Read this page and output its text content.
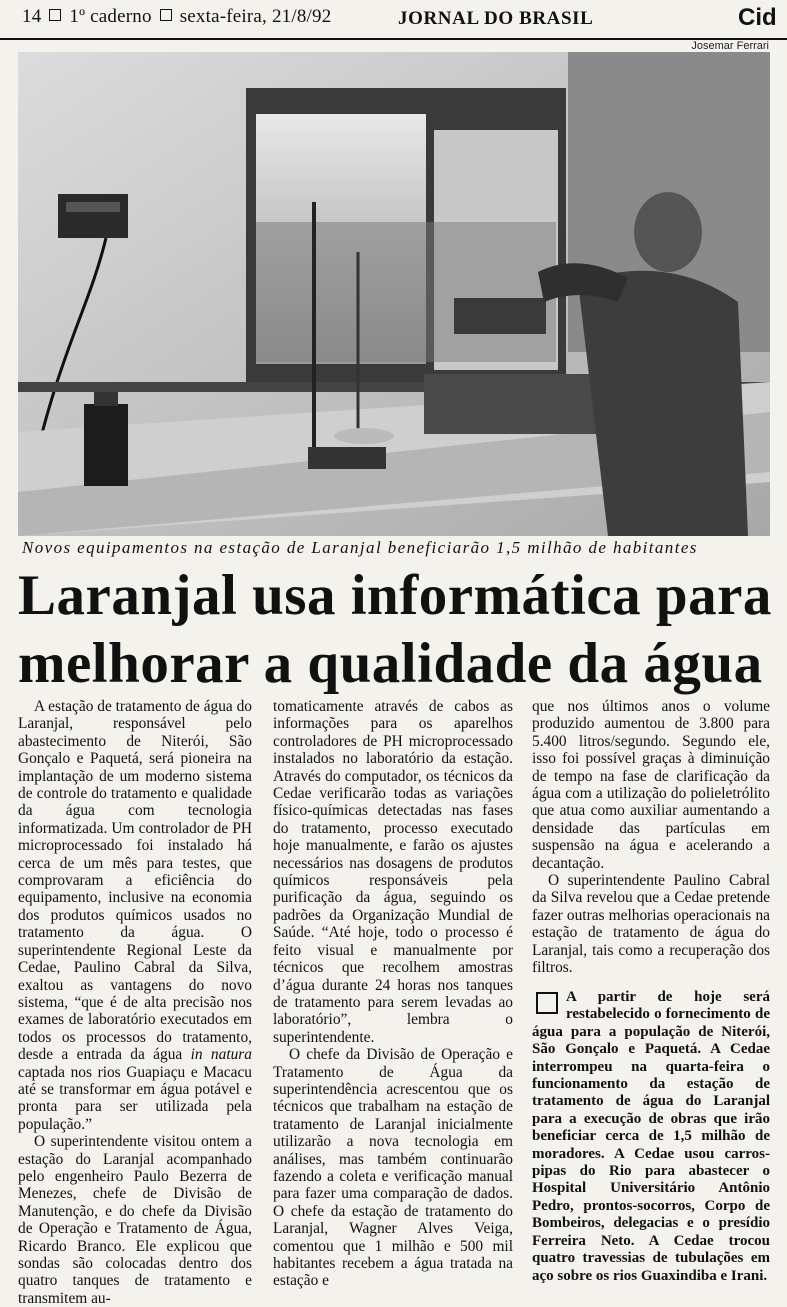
14 1º caderno sexta-feira, 21/8/92	JORNAL DO BRASIL	Cid
Josemar Ferrari
Novos equipamentos na estação de Laranjal beneficiarão 1,5 milhão de habitantes
Laranjal usa informática para
melhorar a qualidade da água

A estação de tratamento de água do Laranjal, responsável pelo abastecimento de Niterói, São Gonçalo e Paquetá, será pioneira na implantação de um moderno sistema de controle do tratamento e qualidade da água com tecnologia informatizada. Um controlador de PH microprocessado foi instalado há cerca de um mês para testes, que comprovaram a eficiência do equipamento, inclusive na economia dos produtos químicos usados no tratamento da água. O superintendente Regional Leste da Cedae, Paulino Cabral da Silva, exaltou as vantagens do novo sistema, “que é de alta precisão nos exames de laboratório executados em todos os processos do tratamento, desde a entrada da água in natura captada nos rios Guapiaçu e Macacu até se transformar em água potável e pronta para ser utilizada pela população.”

O superintendente visitou ontem a estação do Laranjal acompanhado pelo engenheiro Paulo Bezerra de Menezes, chefe de Divisão de Manutenção, e do chefe da Divisão de Operação e Tratamento de Água, Ricardo Branco. Ele explicou que sondas são colocadas dentro dos quatro tanques de tratamento e transmitem au-

tomaticamente através de cabos as informações para os aparelhos controladores de PH microprocessado instalados no laboratório da estação. Através do computador, os técnicos da Cedae verificarão todas as variações físico-químicas detectadas nas fases do tratamento, processo executado hoje manualmente, e farão os ajustes necessários nas dosagens de produtos químicos responsáveis pela purificação da água, seguindo os padrões da Organização Mundial de Saúde. “Até hoje, todo o processo é feito visual e manualmente por técnicos que recolhem amostras d’água durante 24 horas nos tanques de tratamento para serem levadas ao laboratório”, lembra o superintendente.

O chefe da Divisão de Operação e Tratamento de Água da superintendência acrescentou que os técnicos que trabalham na estação de tratamento de Laranjal inicialmente utilizarão a nova tecnologia em análises, mas também continuarão fazendo a coleta e verificação manual para fazer uma comparação de dados. O chefe da estação de tratamento do Laranjal, Wagner Alves Veiga, comentou que 1 milhão e 500 mil habitantes recebem a água tratada na estação e

que nos últimos anos o volume produzido aumentou de 3.800 para 5.400 litros/segundo. Segundo ele, isso foi possível graças à diminuição de tempo na fase de clarificação da água com a utilização do polieletrólito que atua como auxiliar aumentando a densidade das partículas em suspensão na água e acelerando a decantação.

O superintendente Paulino Cabral da Silva revelou que a Cedae pretende fazer outras melhorias operacionais na estação de tratamento de água do Laranjal, tais como a recuperação dos filtros.

A partir de hoje será restabelecido o fornecimento de água para a população de Niterói, São Gonçalo e Paquetá. A Cedae interrompeu na quarta-feira o funcionamento da estação de tratamento de água do Laranjal para a execução de obras que irão beneficiar cerca de 1,5 milhão de moradores. A Cedae usou carros-pipas do Rio para abastecer o Hospital Universitário Antônio Pedro, prontos-socorros, Corpo de Bombeiros, delegacias e o presídio Ferreira Neto. A Cedae trocou quatro travessias de tubulações em aço sobre os rios Guaxindiba e Irani.
